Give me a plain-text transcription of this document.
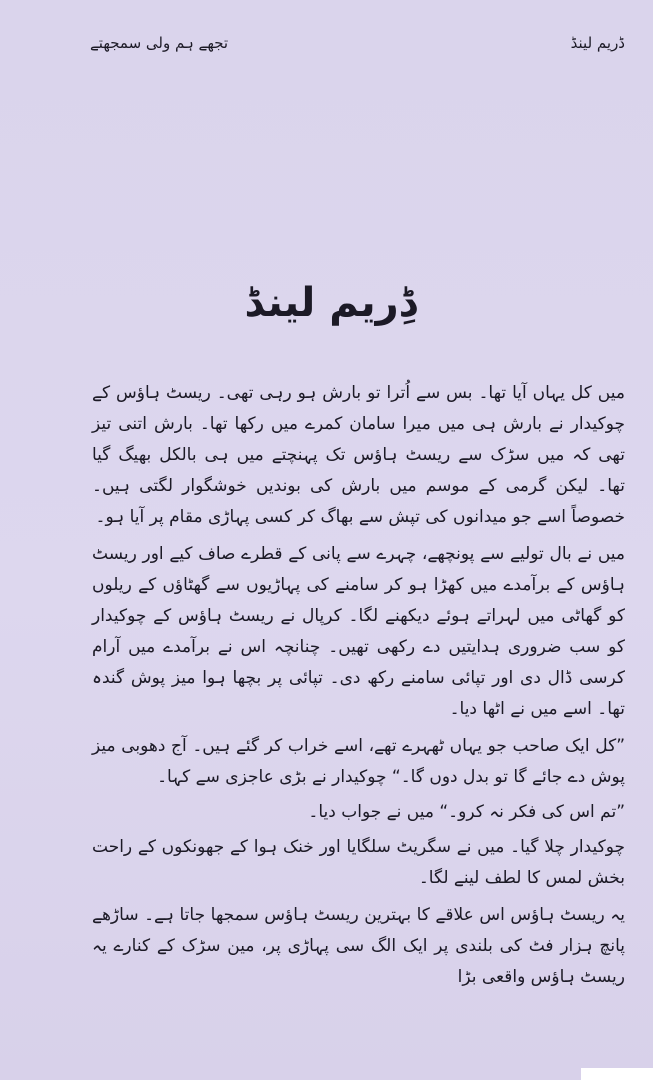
ڈریم لینڈ
تجھے ہم ولی سمجھتے
ڈِریم لینڈ

میں کل یہاں آیا تھا۔ بس سے اُترا تو بارش ہو رہی تھی۔ ریسٹ ہاؤس کے چوکیدار نے بارش ہی میں میرا سامان کمرے میں رکھا تھا۔ بارش اتنی تیز تھی کہ میں سڑک سے ریسٹ ہاؤس تک پہنچتے میں ہی بالکل بھیگ گیا تھا۔ لیکن گرمی کے موسم میں بارش کی بوندیں خوشگوار لگتی ہیں۔ خصوصاً اسے جو میدانوں کی تپش سے بھاگ کر کسی پہاڑی مقام پر آیا ہو۔

میں نے بال تولیے سے پونچھے، چہرے سے پانی کے قطرے صاف کیے اور ریسٹ ہاؤس کے برآمدے میں کھڑا ہو کر سامنے کی پہاڑیوں سے گھٹاؤں کے ریلوں کو گھاٹی میں لہراتے ہوئے دیکھنے لگا۔ کرپال نے ریسٹ ہاؤس کے چوکیدار کو سب ضروری ہدایتیں دے رکھی تھیں۔ چنانچہ اس نے برآمدے میں آرام کرسی ڈال دی اور تپائی سامنے رکھ دی۔ تپائی پر بچھا ہوا میز پوش گندہ تھا۔ اسے میں نے اٹھا دیا۔

”کل ایک صاحب جو یہاں ٹھہرے تھے، اسے خراب کر گئے ہیں۔ آج دھوبی میز پوش دے جائے گا تو بدل دوں گا۔“ چوکیدار نے بڑی عاجزی سے کہا۔

”تم اس کی فکر نہ کرو۔“ میں نے جواب دیا۔

چوکیدار چلا گیا۔ میں نے سگریٹ سلگایا اور خنک ہوا کے جھونکوں کے راحت بخش لمس کا لطف لینے لگا۔

یہ ریسٹ ہاؤس اس علاقے کا بہترین ریسٹ ہاؤس سمجھا جاتا ہے۔ ساڑھے پانچ ہزار فٹ کی بلندی پر ایک الگ سی پہاڑی پر، مین سڑک کے کنارے یہ ریسٹ ہاؤس واقعی بڑا
